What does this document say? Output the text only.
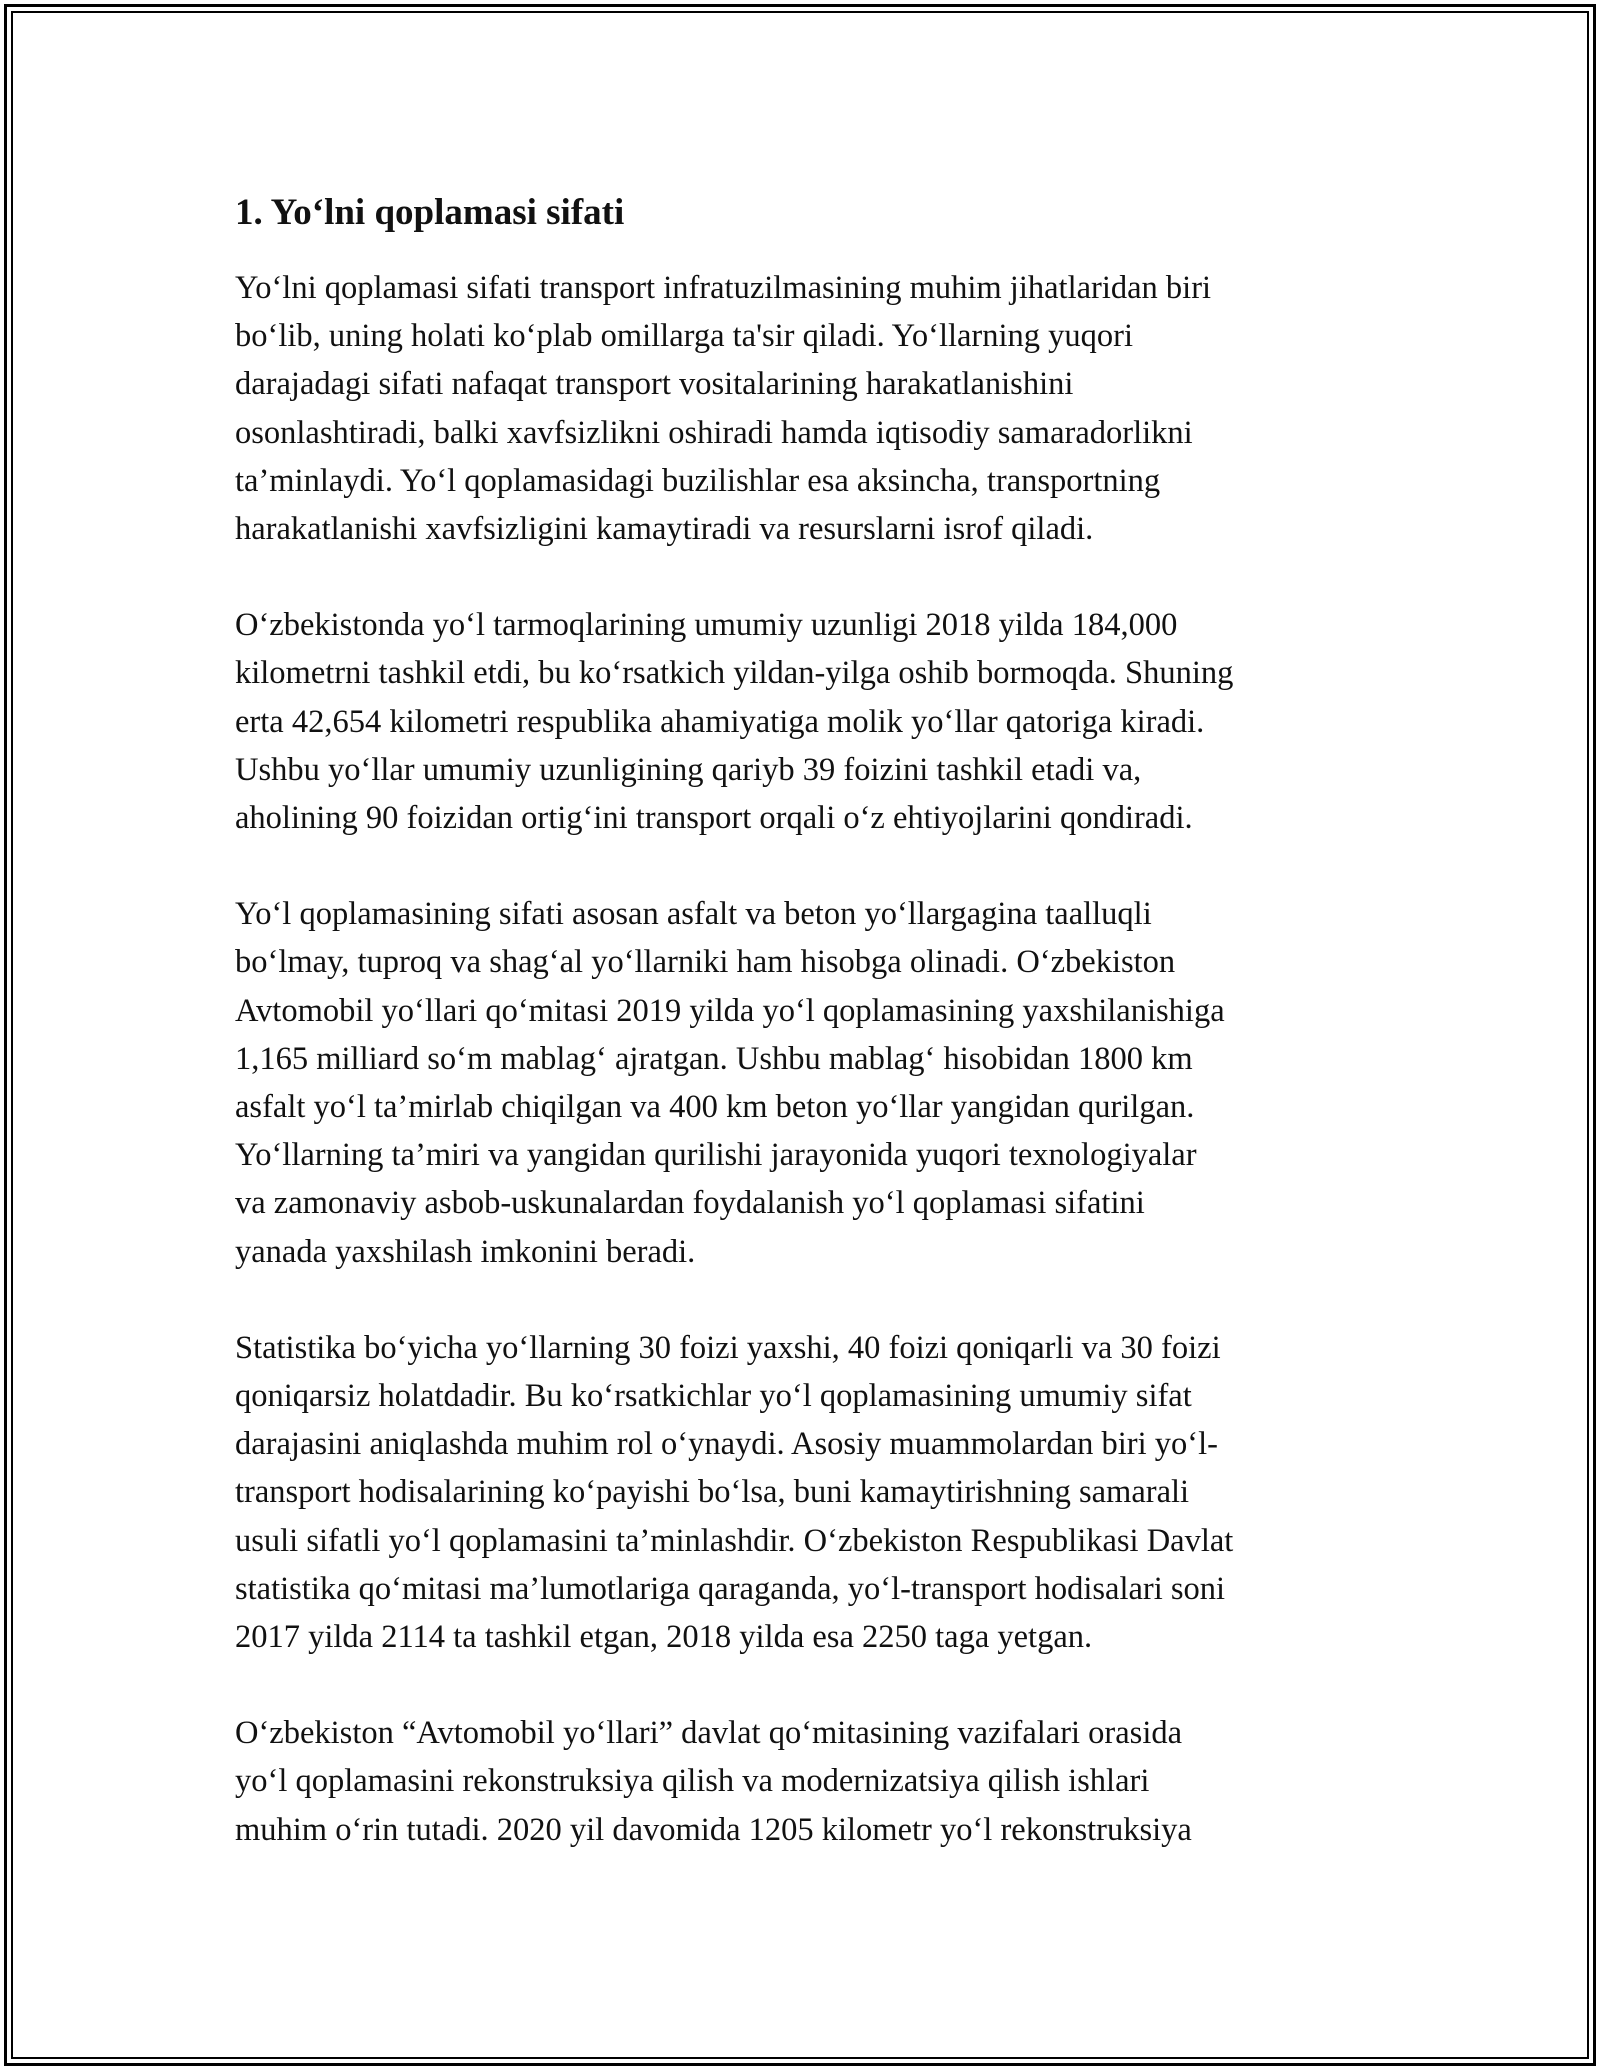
1. Yo‘lni qoplamasi sifati
Yo‘lni qoplamasi sifati transport infratuzilmasining muhim jihatlaridan biri
bo‘lib, uning holati ko‘plab omillarga ta'sir qiladi. Yo‘llarning yuqori
darajadagi sifati nafaqat transport vositalarining harakatlanishini
osonlashtiradi, balki xavfsizlikni oshiradi hamda iqtisodiy samaradorlikni
ta’minlaydi. Yo‘l qoplamasidagi buzilishlar esa aksincha, transportning
harakatlanishi xavfsizligini kamaytiradi va resurslarni isrof qiladi.
O‘zbekistonda yo‘l tarmoqlarining umumiy uzunligi 2018 yilda 184,000
kilometrni tashkil etdi, bu ko‘rsatkich yildan-yilga oshib bormoqda. Shuning
erta 42,654 kilometri respublika ahamiyatiga molik yo‘llar qatoriga kiradi.
Ushbu yo‘llar umumiy uzunligining qariyb 39 foizini tashkil etadi va,
aholining 90 foizidan ortig‘ini transport orqali o‘z ehtiyojlarini qondiradi.
Yo‘l qoplamasining sifati asosan asfalt va beton yo‘llargagina taalluqli
bo‘lmay, tuproq va shag‘al yo‘llarniki ham hisobga olinadi. O‘zbekiston
Avtomobil yo‘llari qo‘mitasi 2019 yilda yo‘l qoplamasining yaxshilanishiga
1,165 milliard so‘m mablag‘ ajratgan. Ushbu mablag‘ hisobidan 1800 km
asfalt yo‘l ta’mirlab chiqilgan va 400 km beton yo‘llar yangidan qurilgan.
Yo‘llarning ta’miri va yangidan qurilishi jarayonida yuqori texnologiyalar
va zamonaviy asbob-uskunalardan foydalanish yo‘l qoplamasi sifatini
yanada yaxshilash imkonini beradi.
Statistika bo‘yicha yo‘llarning 30 foizi yaxshi, 40 foizi qoniqarli va 30 foizi
qoniqarsiz holatdadir. Bu ko‘rsatkichlar yo‘l qoplamasining umumiy sifat
darajasini aniqlashda muhim rol o‘ynaydi. Asosiy muammolardan biri yo‘l-
transport hodisalarining ko‘payishi bo‘lsa, buni kamaytirishning samarali
usuli sifatli yo‘l qoplamasini ta’minlashdir. O‘zbekiston Respublikasi Davlat
statistika qo‘mitasi ma’lumotlariga qaraganda, yo‘l-transport hodisalari soni
2017 yilda 2114 ta tashkil etgan, 2018 yilda esa 2250 taga yetgan.
O‘zbekiston “Avtomobil yo‘llari” davlat qo‘mitasining vazifalari orasida
yo‘l qoplamasini rekonstruksiya qilish va modernizatsiya qilish ishlari
muhim o‘rin tutadi. 2020 yil davomida 1205 kilometr yo‘l rekonstruksiya
